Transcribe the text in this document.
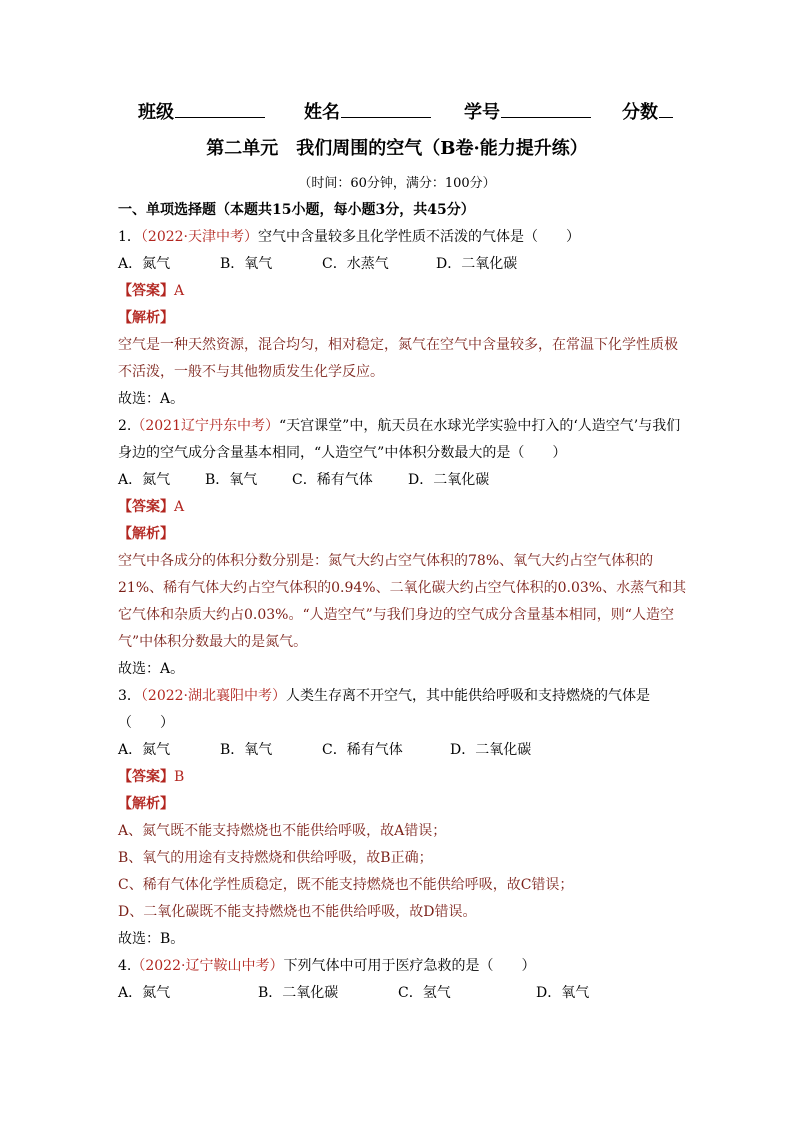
班级	姓名	学号	分数
第二单元　我们周围的空气（B卷·能力提升练）
（时间：60分钟，满分：100分）
一、单项选择题（本题共15小题，每小题3分，共45分）
1．（2022·天津中考）空气中含量较多且化学性质不活泼的气体是（　　）
A．氮气	B．氧气	C．水蒸气	D．二氧化碳
【答案】A
【解析】
空气是一种天然资源，混合均匀，相对稳定，氮气在空气中含量较多，在常温下化学性质极
不活泼，一般不与其他物质发生化学反应。
故选：A。
2.（2021辽宁丹东中考）“天宫课堂”中，航天员在水球光学实验中打入的‘人造空气’与我们
身边的空气成分含量基本相同，“人造空气”中体积分数最大的是（　　）
A．氮气 B．氧气 C．稀有气体	D．二氧化碳
【答案】A
【解析】
空气中各成分的体积分数分别是：氮气大约占空气体积的78%、氧气大约占空气体积的
21%、稀有气体大约占空气体积的0.94%、二氧化碳大约占空气体积的0.03%、水蒸气和其
它气体和杂质大约占0.03%。“人造空气”与我们身边的空气成分含量基本相同，则“人造空
气”中体积分数最大的是氮气。
故选：A。
3．（2022·湖北襄阳中考）人类生存离不开空气，其中能供给呼吸和支持燃烧的气体是
（　　）
A．氮气	B．氧气	C．稀有气体	D．二氧化碳
【答案】B
【解析】
A、氮气既不能支持燃烧也不能供给呼吸，故A错误；
B、氧气的用途有支持燃烧和供给呼吸，故B正确；
C、稀有气体化学性质稳定，既不能支持燃烧也不能供给呼吸，故C错误；
D、二氧化碳既不能支持燃烧也不能供给呼吸，故D错误。
故选：B。
4.（2022·辽宁鞍山中考）下列气体中可用于医疗急救的是（　　）
A．氮气	B．二氧化碳	C．氢气	D．氧气
